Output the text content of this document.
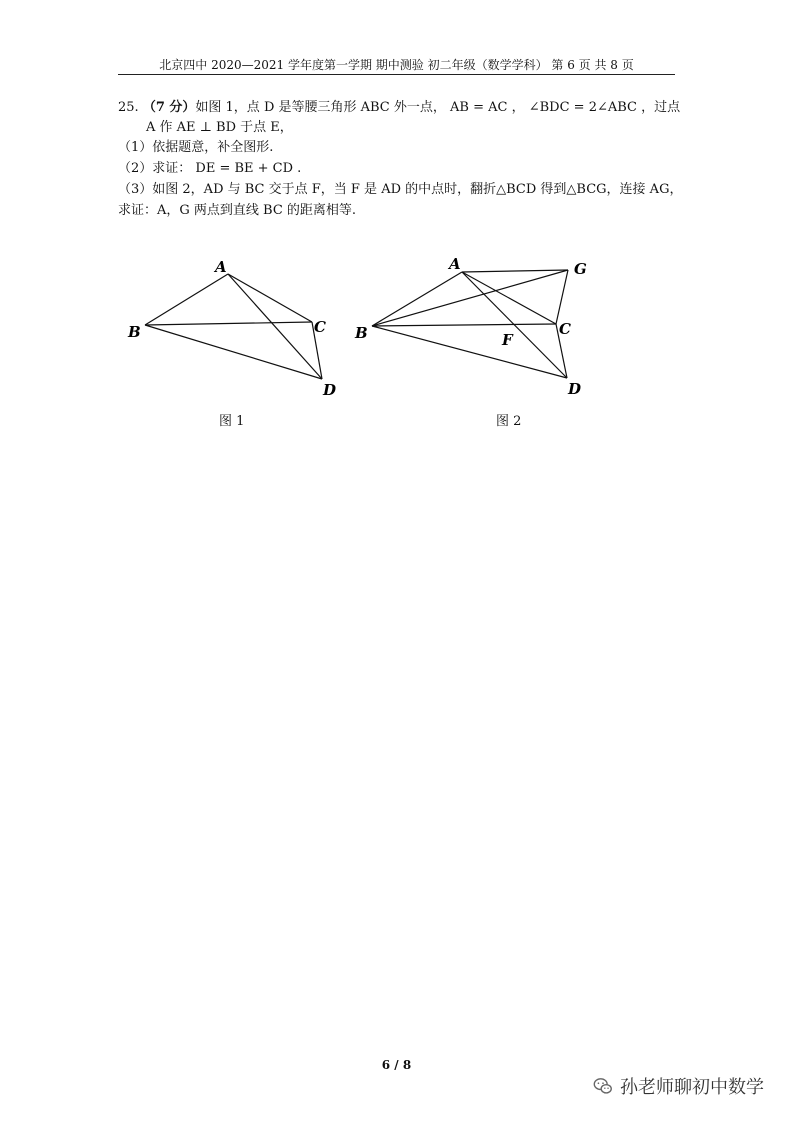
北京四中 2020—2021 学年度第一学期 期中测验 初二年级（数学学科） 第 6 页 共 8 页
25. （7 分）如图 1，点 D 是等腰三角形 ABC 外一点， AB = AC ， ∠BDC = 2∠ABC ，过点
A 作 AE ⊥ BD 于点 E，
（1）依据题意，补全图形.
（2）求证： DE = BE + CD .
（3）如图 2，AD 与 BC 交于点 F，当 F 是 AD 的中点时，翻折△BCD 得到△BCG，连接 AG，
求证：A，G 两点到直线 BC 的距离相等.
A
B	C
D
图 1
A	G
B	C
F
D
图 2
6 / 8
孙老师聊初中数学
